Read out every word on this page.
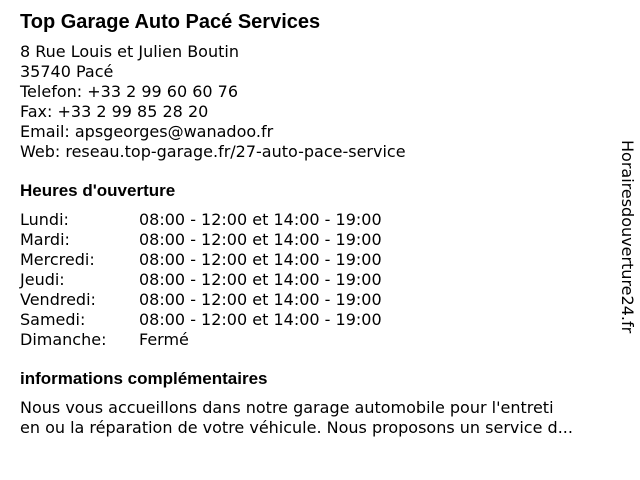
Top Garage Auto Pacé Services
8 Rue Louis et Julien Boutin
35740 Pacé
Telefon: +33 2 99 60 60 76
Fax: +33 2 99 85 28 20
Email: apsgeorges@wanadoo.fr
Web: reseau.top-garage.fr/27-auto-pace-service
Heures d'ouverture
Lundi:	08:00 - 12:00 et 14:00 - 19:00
Mardi:	08:00 - 12:00 et 14:00 - 19:00
Mercredi:	08:00 - 12:00 et 14:00 - 19:00
Jeudi:	08:00 - 12:00 et 14:00 - 19:00
Vendredi:	08:00 - 12:00 et 14:00 - 19:00
Samedi:	08:00 - 12:00 et 14:00 - 19:00
Dimanche:	Fermé
informations complémentaires
Nous vous accueillons dans notre garage automobile pour l'entreti
en ou la réparation de votre véhicule. Nous proposons un service d...
Horairesdouverture24.fr
